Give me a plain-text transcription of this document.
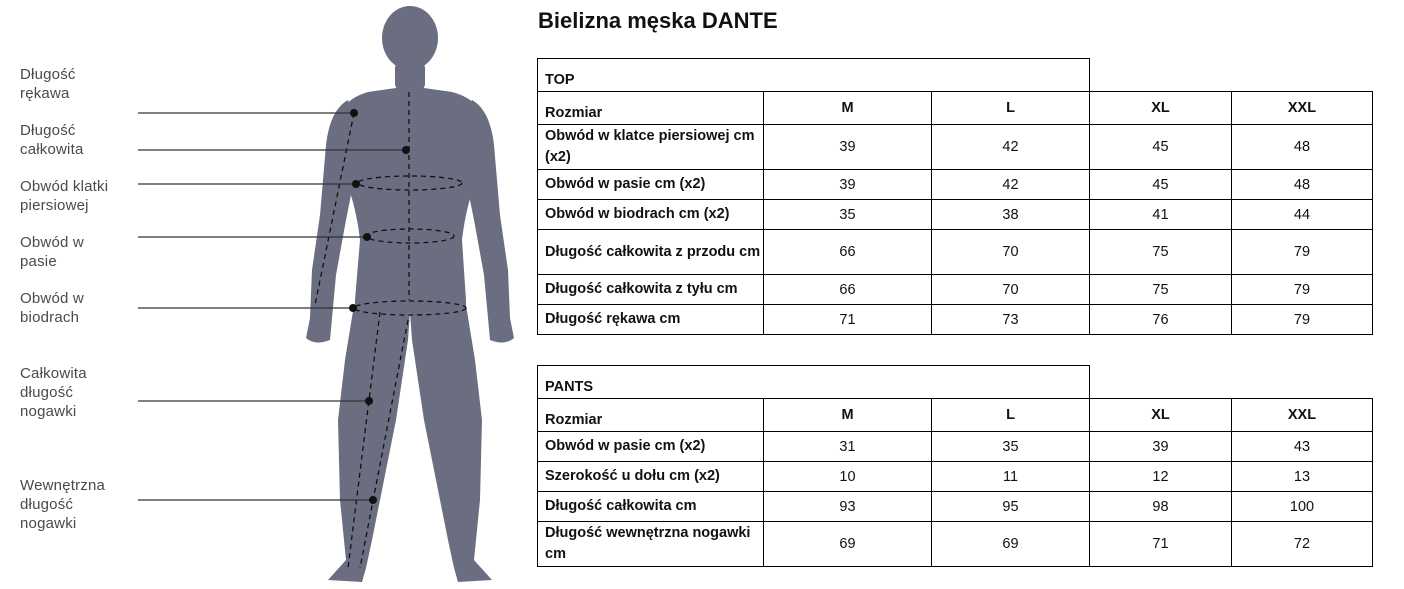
Długość
rękawa
Długość
całkowita
Obwód klatki
piersiowej
Obwód w
pasie
Obwód w
biodrach
Całkowita
długość
nogawki
Wewnętrzna
długość
nogawki
Bielizna męska DANTE
TOP				
Rozmiar	M	L	XL	XXL
Obwód w klatce piersiowej cm (x2)	39	42	45	48
Obwód w pasie cm (x2)	39	42	45	48
Obwód w biodrach cm (x2)	35	38	41	44
Długość całkowita z przodu cm	66	70	75	79
Długość całkowita z tyłu cm	66	70	75	79
Długość rękawa cm	71	73	76	79
PANTS				
Rozmiar	M	L	XL	XXL
Obwód w pasie cm (x2)	31	35	39	43
Szerokość u dołu cm (x2)	10	11	12	13
Długość całkowita cm	93	95	98	100
Długość wewnętrzna nogawki cm	69	69	71	72
